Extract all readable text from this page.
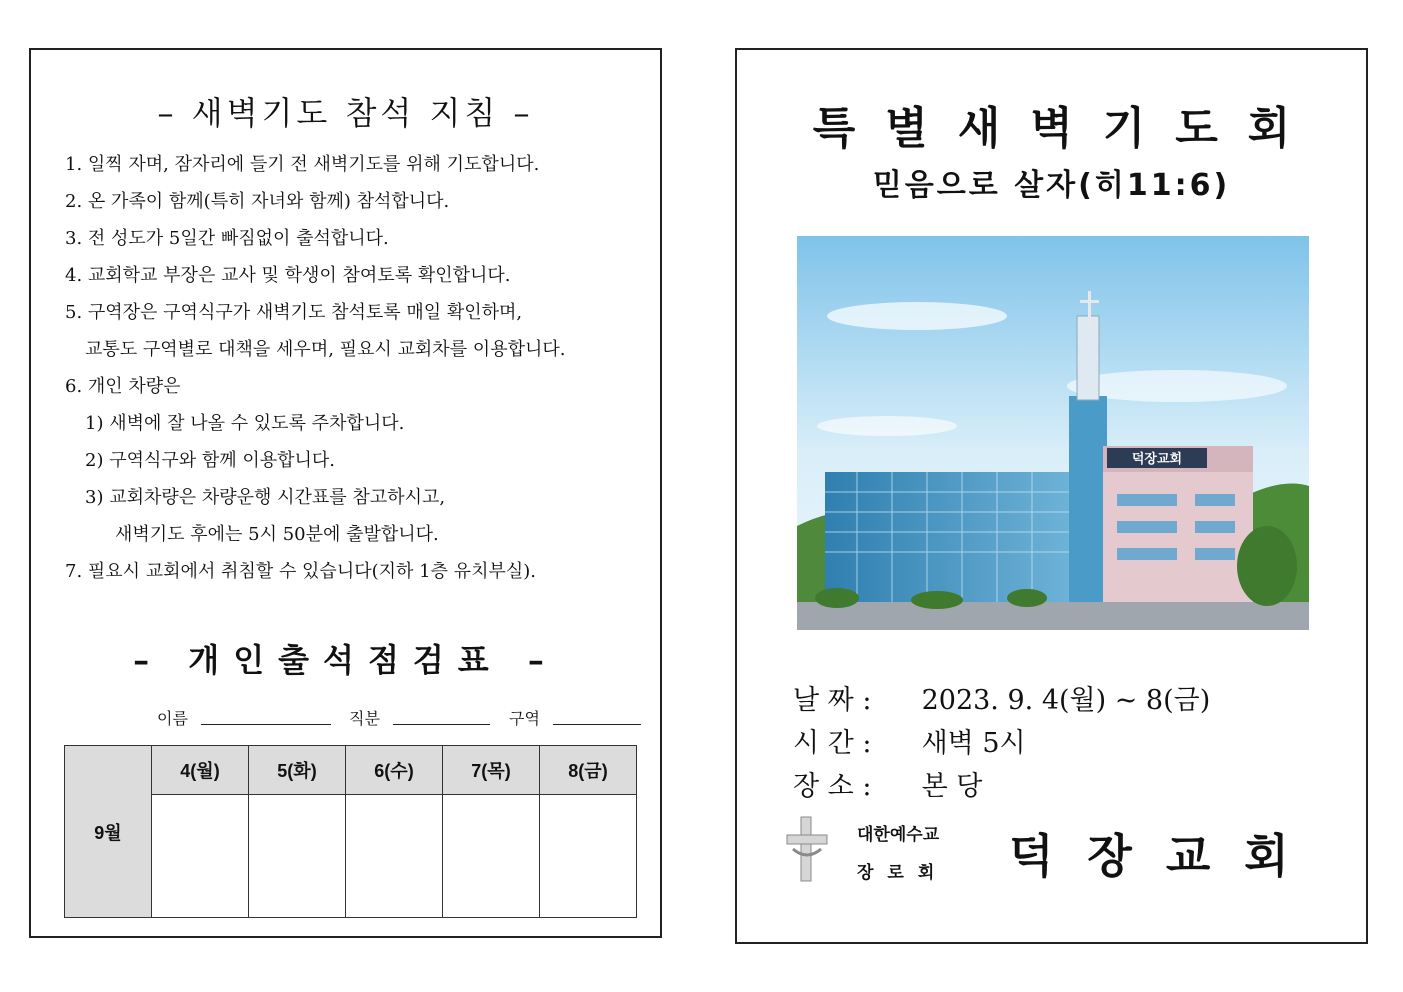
– 새벽기도 참석 지침 –
1. 일찍 자며, 잠자리에 들기 전 새벽기도를 위해 기도합니다.
2. 온 가족이 함께(특히 자녀와 함께) 참석합니다.
3. 전 성도가 5일간 빠짐없이 출석합니다.
4. 교회학교 부장은 교사 및 학생이 참여토록 확인합니다.
5. 구역장은 구역식구가 새벽기도 참석토록 매일 확인하며,
교통도 구역별로 대책을 세우며, 필요시 교회차를 이용합니다.
6. 개인 차량은
1) 새벽에 잘 나올 수 있도록 주차합니다.
2) 구역식구와 함께 이용합니다.
3) 교회차량은 차량운행 시간표를 참고하시고,
새벽기도 후에는 5시 50분에 출발합니다.
7. 필요시 교회에서 취침할 수 있습니다(지하 1층 유치부실).
– 개인출석점검표 –
이름	직분	구역
9월	4(월)	5(화)	6(수)	7(목)	8(금)

특별새벽기도회
믿음으로 살자(히11:6)
덕장교회
날 짜 : 2023. 9. 4(월) ~ 8(금)
시 간 : 새벽 5시
장 소 : 본 당
대한예수교
장로회 덕장교회
